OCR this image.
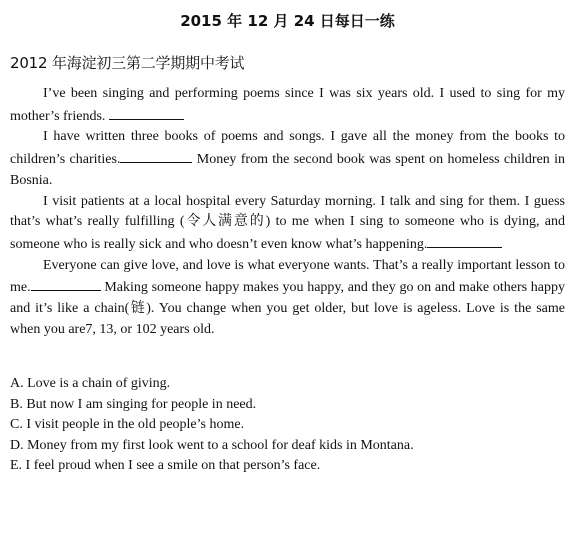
2015 年 12 月 24 日每日一练
2012 年海淀初三第二学期期中考试

I’ve been singing and performing poems since I was six years old. I used to sing for my mother’s friends.

I have written three books of poems and songs. I gave all the money from the books to children’s charities.	Money from the second book was spent on homeless children in Bosnia.

I visit patients at a local hospital every Saturday morning. I talk and sing for them. I guess that’s what’s really fulfilling (令人满意的) to me when I sing to someone who is dying, and someone who is really sick and who doesn’t even know what’s happening.

Everyone can give love, and love is what everyone wants. That’s a really important lesson to me.	Making someone happy makes you happy, and they go on and make others happy and it’s like a chain(链). You change when you get older, but love is ageless. Love is the same when you are7, 13, or 102 years old.

A. Love is a chain of giving.
B. But now I am singing for people in need.
C. I visit people in the old people’s home.
D. Money from my first look went to a school for deaf kids in Montana.
E. I feel proud when I see a smile on that person’s face.
